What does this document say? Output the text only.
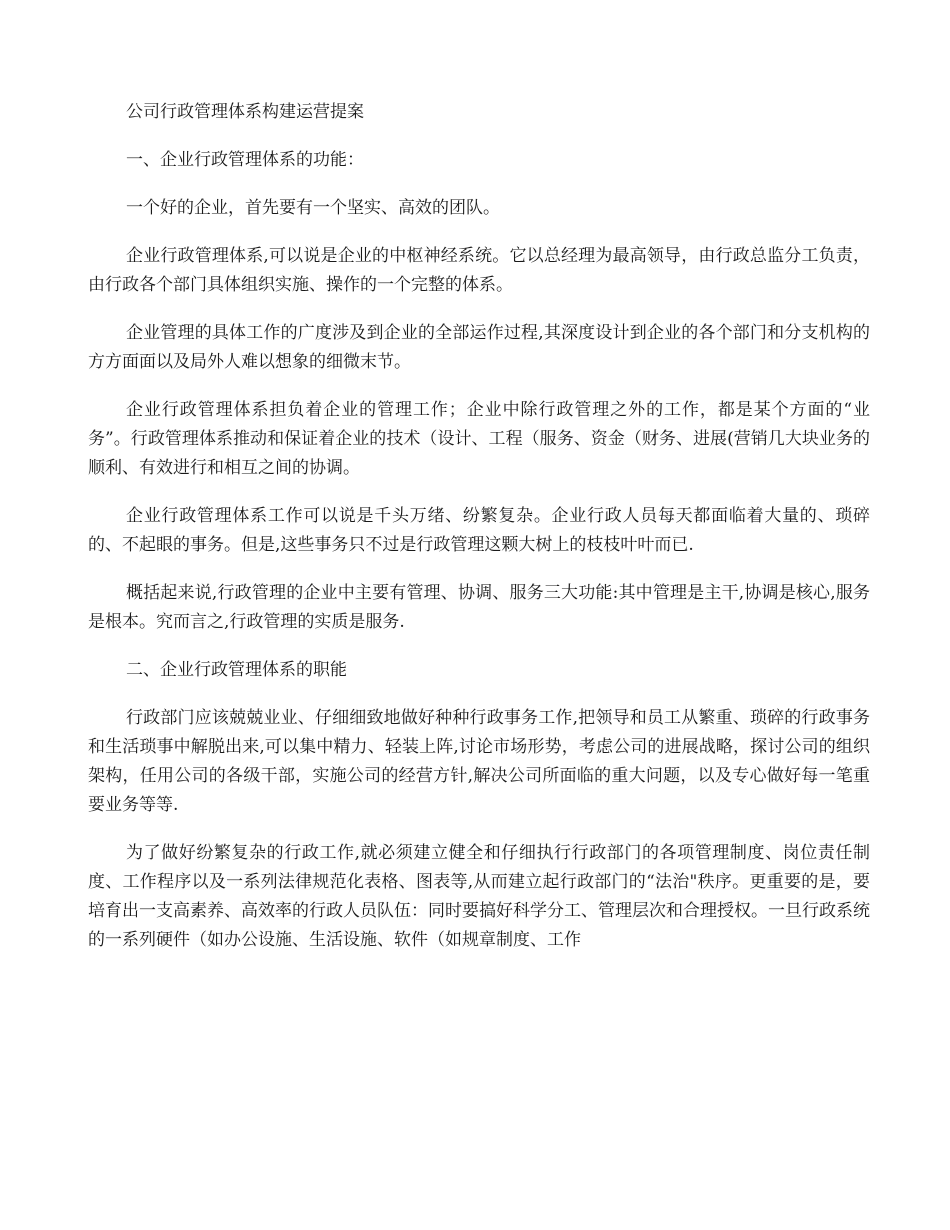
公司行政管理体系构建运营提案

一、企业行政管理体系的功能：

一个好的企业，首先要有一个坚实、高效的团队。

企业行政管理体系,可以说是企业的中枢神经系统。它以总经理为最高领导，由行政总监分工负责，由行政各个部门具体组织实施、操作的一个完整的体系。

企业管理的具体工作的广度涉及到企业的全部运作过程,其深度设计到企业的各个部门和分支机构的方方面面以及局外人难以想象的细微末节。

企业行政管理体系担负着企业的管理工作；企业中除行政管理之外的工作，都是某个方面的“业务”。行政管理体系推动和保证着企业的技术（设计、工程（服务、资金（财务、进展(营销几大块业务的顺利、有效进行和相互之间的协调。

企业行政管理体系工作可以说是千头万绪、纷繁复杂。企业行政人员每天都面临着大量的、琐碎的、不起眼的事务。但是,这些事务只不过是行政管理这颗大树上的枝枝叶叶而已.

概括起来说,行政管理的企业中主要有管理、协调、服务三大功能:其中管理是主干,协调是核心,服务是根本。究而言之,行政管理的实质是服务.

二、企业行政管理体系的职能

行政部门应该兢兢业业、仔细细致地做好种种行政事务工作,把领导和员工从繁重、琐碎的行政事务和生活琐事中解脱出来,可以集中精力、轻装上阵,讨论市场形势，考虑公司的进展战略，探讨公司的组织架构，任用公司的各级干部，实施公司的经营方针,解决公司所面临的重大问题，以及专心做好每一笔重要业务等等.

为了做好纷繁复杂的行政工作,就必须建立健全和仔细执行行政部门的各项管理制度、岗位责任制度、工作程序以及一系列法律规范化表格、图表等,从而建立起行政部门的“法治"秩序。更重要的是，要培育出一支高素养、高效率的行政人员队伍：同时要搞好科学分工、管理层次和合理授权。一旦行政系统的一系列硬件（如办公设施、生活设施、软件（如规章制度、工作
